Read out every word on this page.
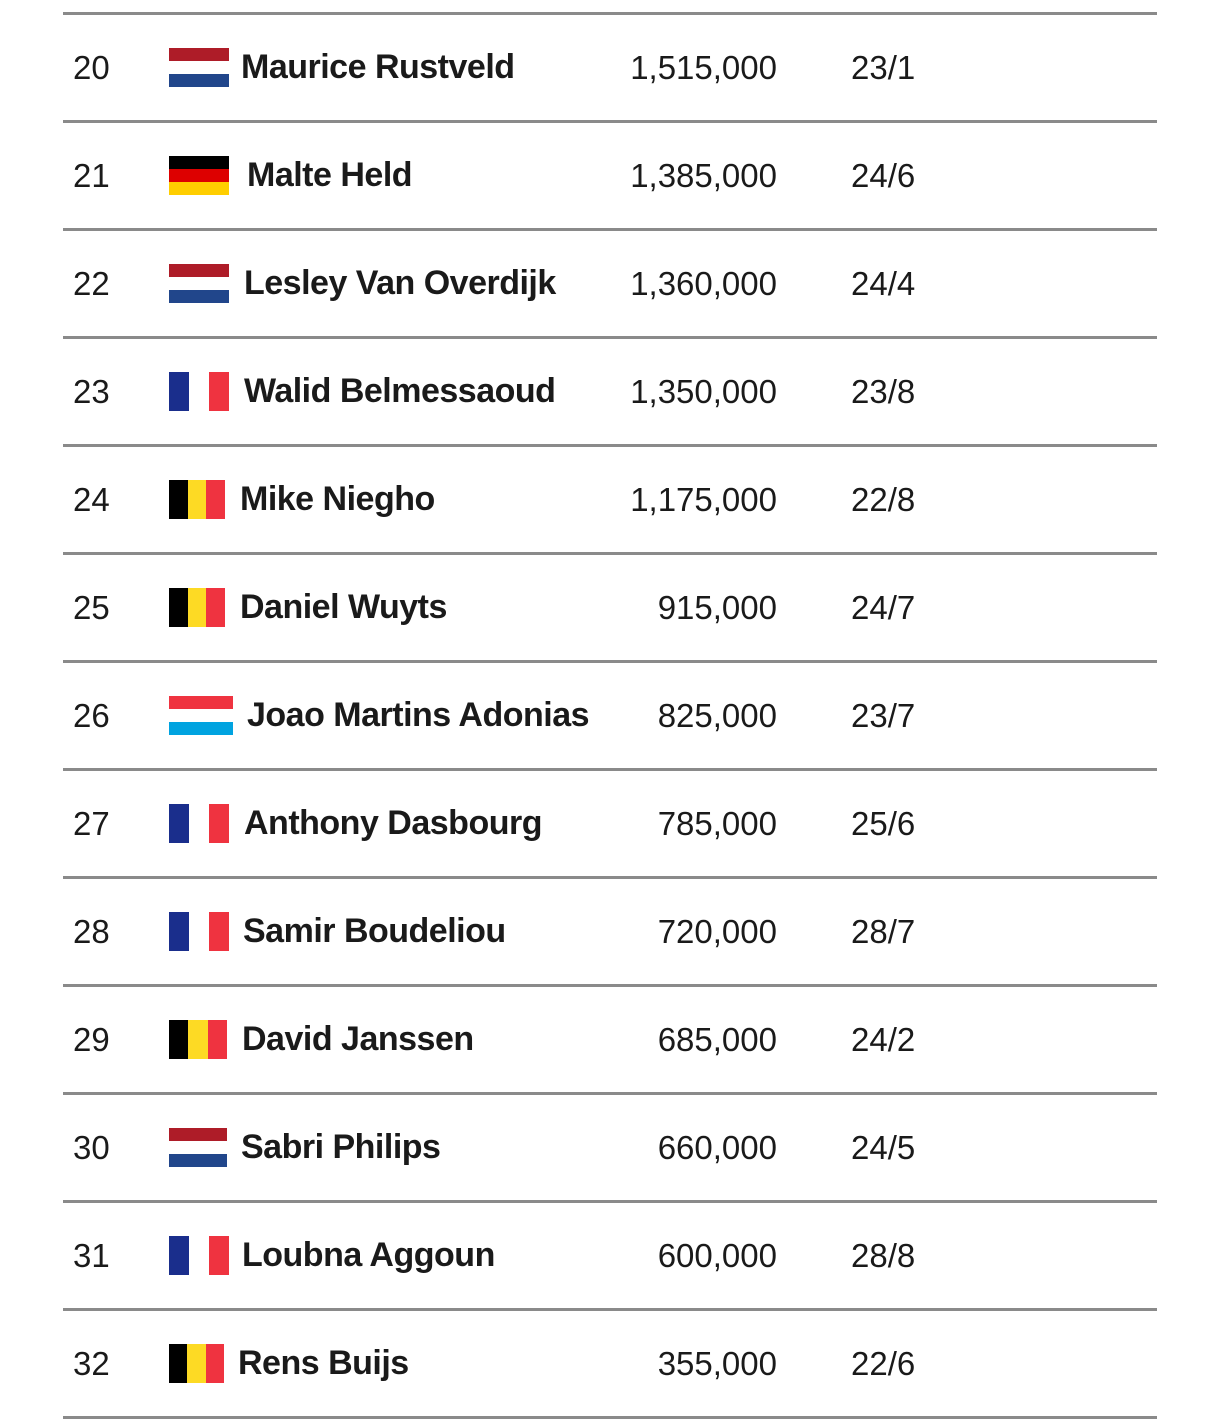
20	Maurice Rustveld	1,515,000 23/1
21	Malte Held	1,385,000 24/6
22	Lesley Van Overdijk 1,360,000 24/4
23	Walid Belmessaoud 1,350,000 23/8
24	Mike Niegho	1,175,000 22/8
25	Daniel Wuyts	915,000 24/7
26	Joao Martins Adonias 825,000 23/7
27	Anthony Dasbourg	785,000 25/6
28	Samir Boudeliou	720,000 28/7
29	David Janssen	685,000 24/2
30	Sabri Philips	660,000 24/5
31	Loubna Aggoun	600,000 28/8
32	Rens Buijs	355,000 22/6
